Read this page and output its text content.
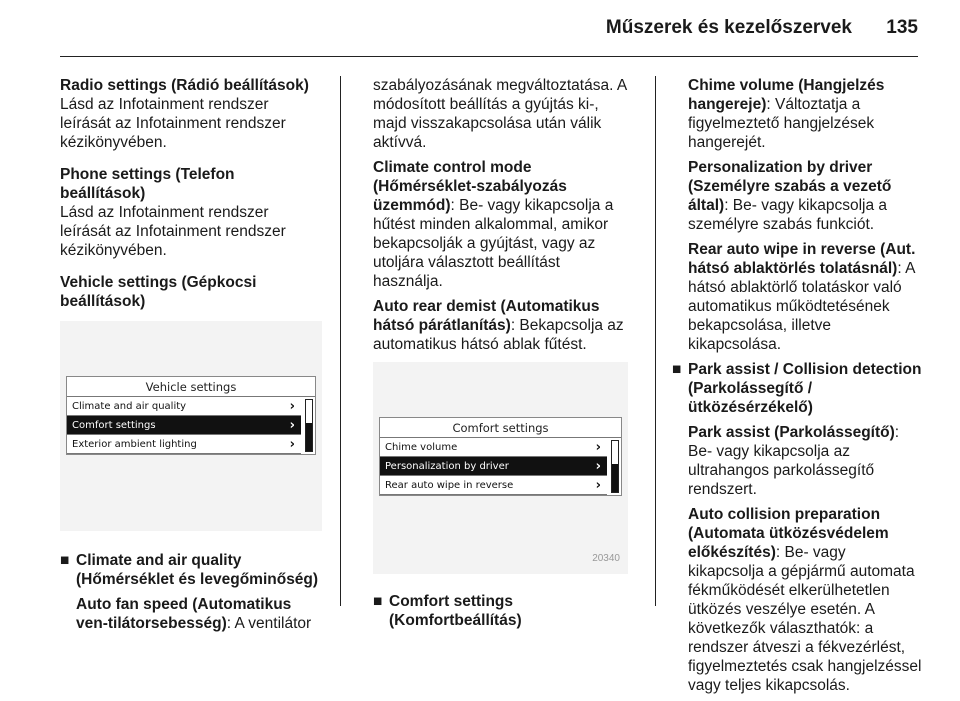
Műszerek és kezelőszervek 135

Radio settings (Rádió beállítások)
Lásd az Infotainment rendszer leírását az Infotainment rendszer kézikönyvében.

Phone settings (Telefon beállítások)
Lásd az Infotainment rendszer leírását az Infotainment rendszer kézikönyvében.

Vehicle settings (Gépkocsi beállítások)

Vehicle settings
Climate and air quality	›
Comfort settings	›
Exterior ambient lighting	›
■ Climate and air quality (Hőmérséklet és levegőminőség)

Auto fan speed (Automatikus ven-tilátorsebesség): A ventilátor

szabályozásának megváltoztatása. A módosított beállítás a gyújtás ki-, majd visszakapcsolása után válik aktívvá.

Climate control mode (Hőmérséklet-szabályozás üzemmód): Be- vagy kikapcsolja a hűtést minden alkalommal, amikor bekapcsolják a gyújtást, vagy az utoljára választott beállítást használja.

Auto rear demist (Automatikus hátsó párátlanítás): Bekapcsolja az automatikus hátsó ablak fűtést.

Comfort settings
Chime volume	›
Personalization by driver	›
Rear auto wipe in reverse	›
20340
■ Comfort settings (Komfortbeállítás)

Chime volume (Hangjelzés hangereje): Változtatja a figyelmeztető hangjelzések hangerejét.

Personalization by driver (Személyre szabás a vezető által): Be- vagy kikapcsolja a személyre szabás funkciót.

Rear auto wipe in reverse (Aut. hátsó ablaktörlés tolatásnál): A hátsó ablaktörlő tolatáskor való automatikus működtetésének bekapcsolása, illetve kikapcsolása.

■ Park assist / Collision detection (Parkolássegítő / ütközésérzékelő)

Park assist (Parkolássegítő): Be- vagy kikapcsolja az ultrahangos parkolássegítő rendszert.

Auto collision preparation (Automata ütközésvédelem előkészítés): Be- vagy kikapcsolja a gépjármű automata fékműködését elkerülhetetlen ütközés veszélye esetén. A következők választhatók: a rendszer átveszi a fékvezérlést, figyelmeztetés csak hangjelzéssel vagy teljes kikapcsolás.
